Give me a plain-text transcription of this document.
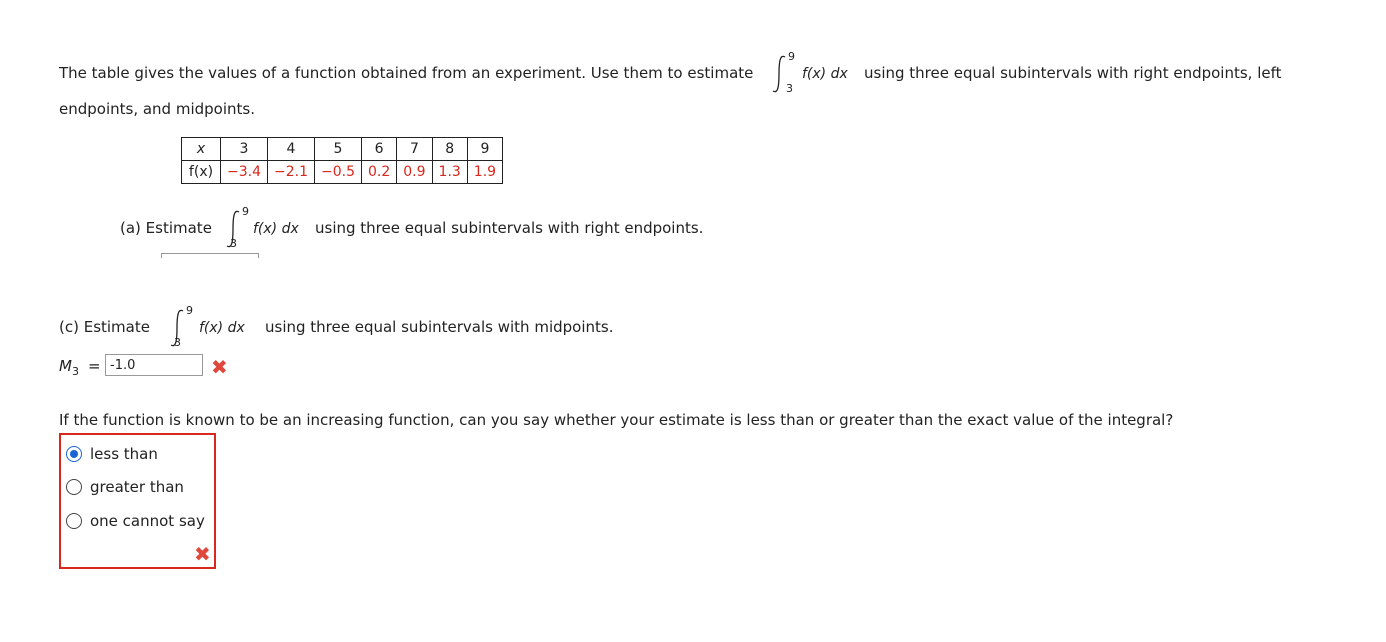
The table gives the values of a function obtained from an experiment. Use them to estimate
9
3
f(x) dx using three equal subintervals with right endpoints, left
endpoints, and midpoints.
x	3	4	5	6	7	8	9
f(x)	−3.4	−2.1	−0.5	0.2	0.9	1.3	1.9
(a) Estimate
9
3
f(x) dx using three equal subintervals with right endpoints.
(c) Estimate
9
3
f(x) dx using three equal subintervals with midpoints.
$M_3$ =
-1.0	✖
If the function is known to be an increasing function, can you say whether your estimate is less than or greater than the exact value of the integral?
less than
greater than
one cannot say
✖
